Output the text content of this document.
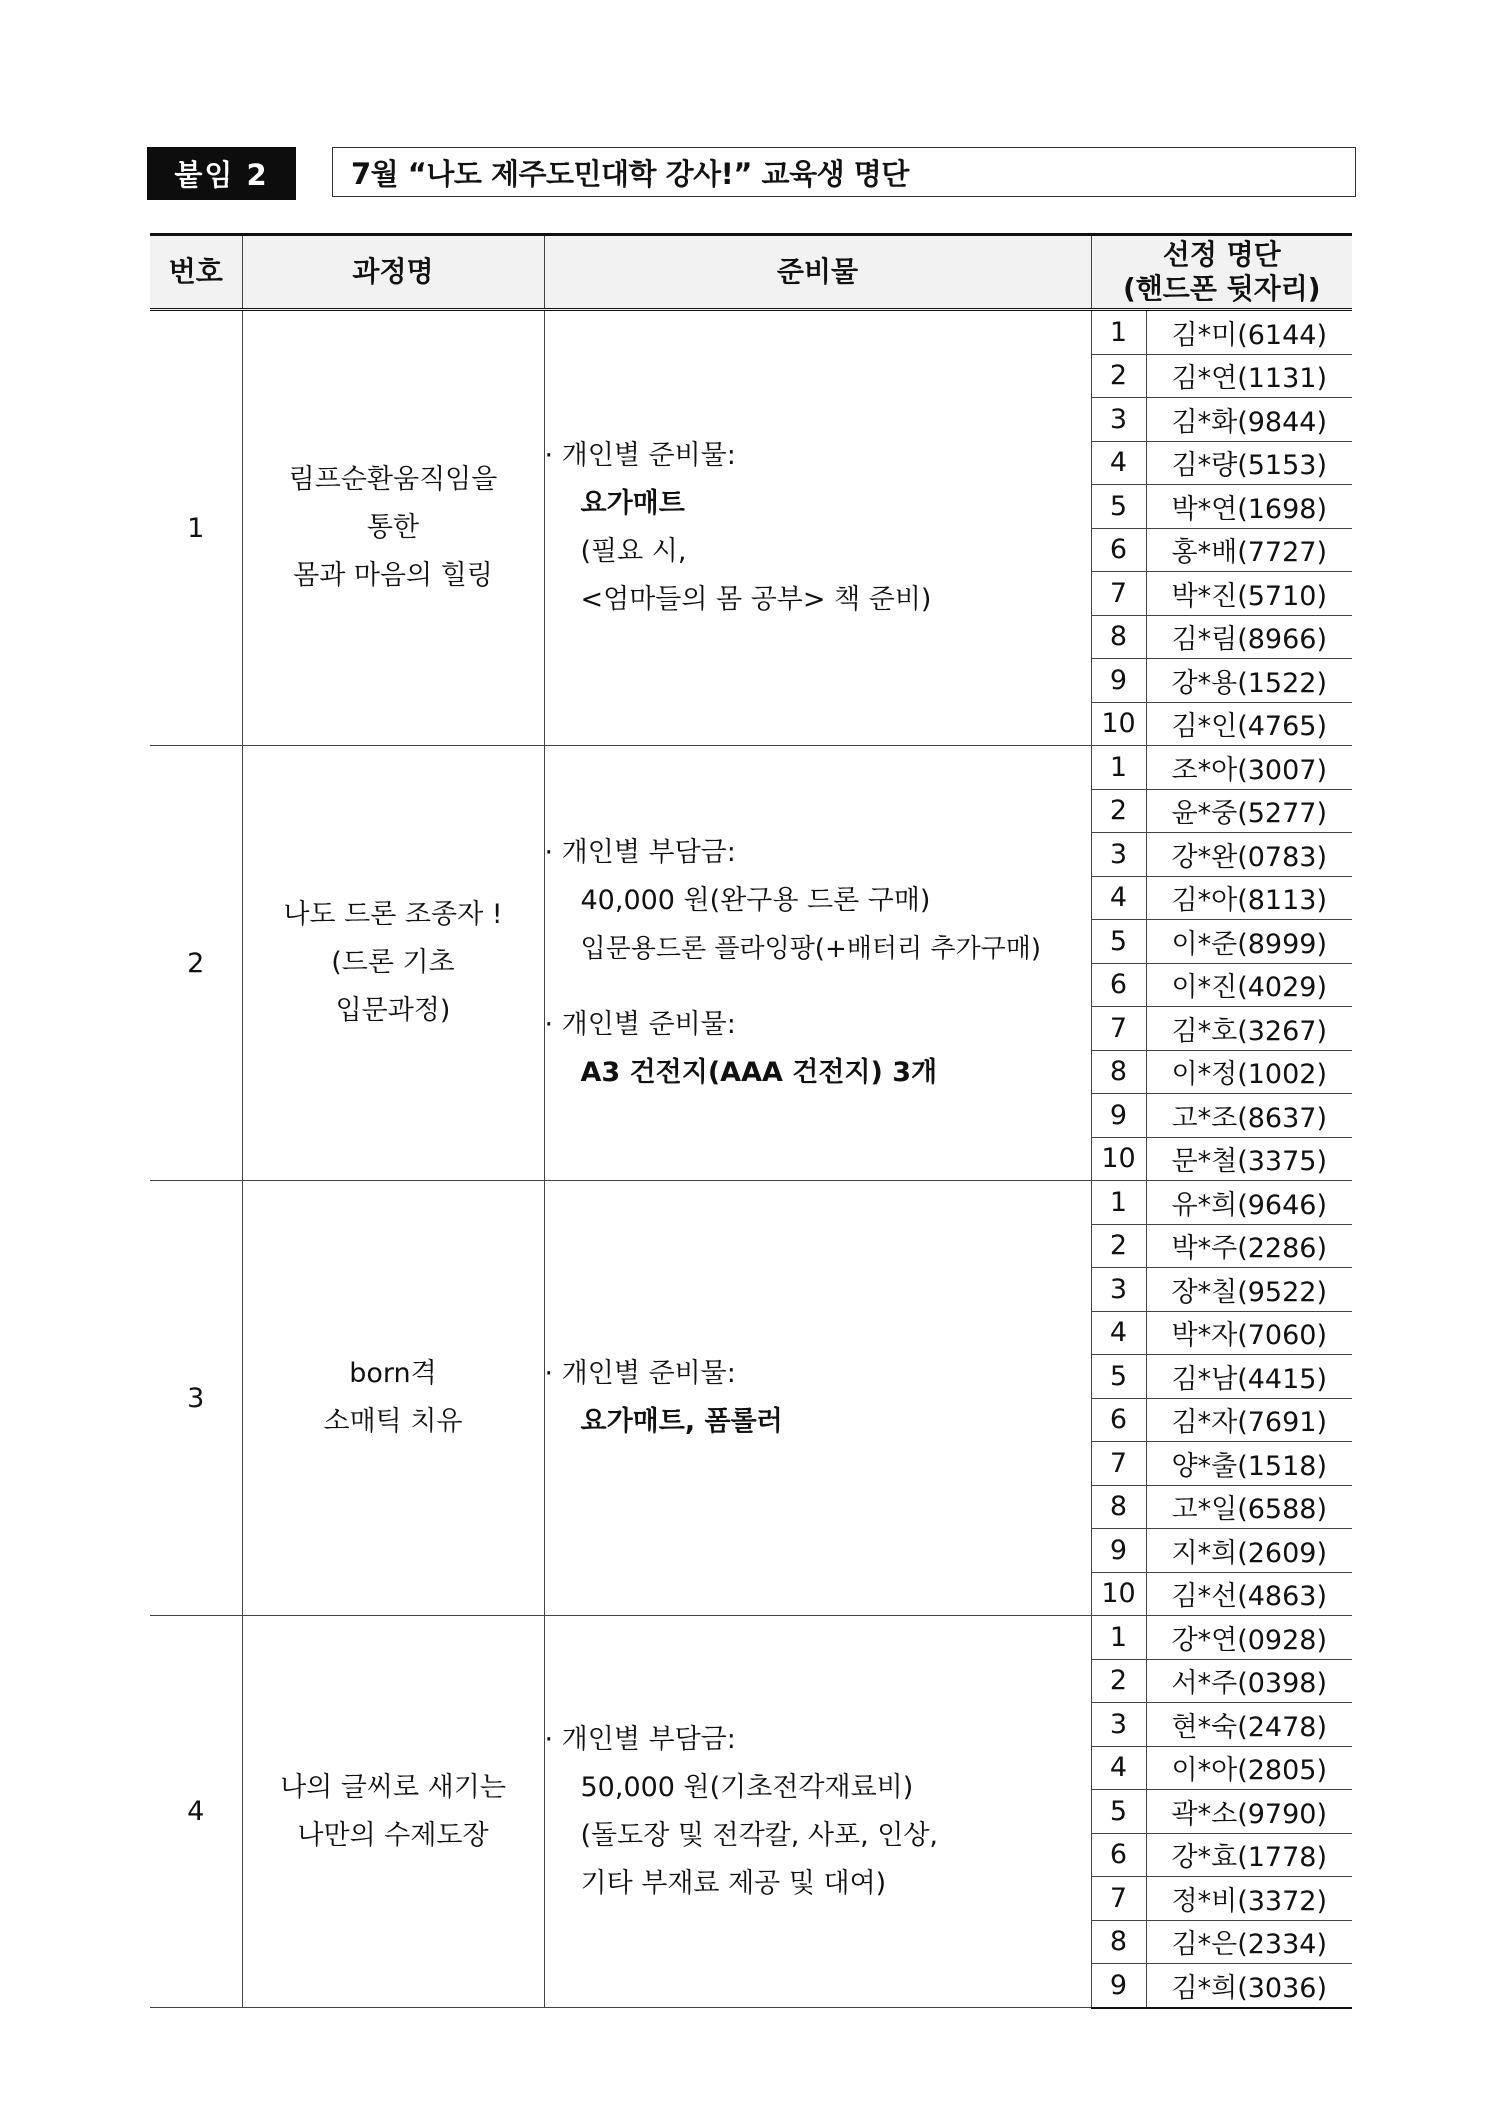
붙임 2	7월 “나도 제주도민대학 강사!” 교육생 명단
번호	과정명	준비물	선정 명단
(핸드폰 뒷자리)	

1	림프순환움직임을
통한
몸과 마음의 힐링	· 개인별 준비물:
요가매트
(필요 시,
<엄마들의 몸 공부> 책 준비)	1	김*미(6144)
			2	김*연(1131)
			3	김*화(9844)
			4	김*량(5153)
			5	박*연(1698)
			6	홍*배(7727)
			7	박*진(5710)
			8	김*림(8966)
			9	강*용(1522)
			10	김*인(4765)
2	나도 드론 조종자 !
(드론 기초
입문과정)	· 개인별 부담금:
40,000 원(완구용 드론 구매)
입문용드론 플라잉팡(+배터리 추가구매)
· 개인별 준비물:
A3 건전지(AAA 건전지) 3개	1	조*아(3007)
			2	윤*중(5277)
			3	강*완(0783)
			4	김*아(8113)
			5	이*준(8999)
			6	이*진(4029)
			7	김*호(3267)
			8	이*정(1002)
			9	고*조(8637)
			10	문*철(3375)
3	born격
소매틱 치유	· 개인별 준비물:
요가매트, 폼롤러	1	유*희(9646)
			2	박*주(2286)
			3	장*칠(9522)
			4	박*자(7060)
			5	김*남(4415)
			6	김*자(7691)
			7	양*출(1518)
			8	고*일(6588)
			9	지*희(2609)
			10	김*선(4863)
4	나의 글씨로 새기는
나만의 수제도장	· 개인별 부담금:
50,000 원(기초전각재료비)
(돌도장 및 전각칼, 사포, 인상,
기타 부재료 제공 및 대여)	1	강*연(0928)
			2	서*주(0398)
			3	현*숙(2478)
			4	이*아(2805)
			5	곽*소(9790)
			6	강*효(1778)
			7	정*비(3372)
			8	김*은(2334)
			9	김*희(3036)
